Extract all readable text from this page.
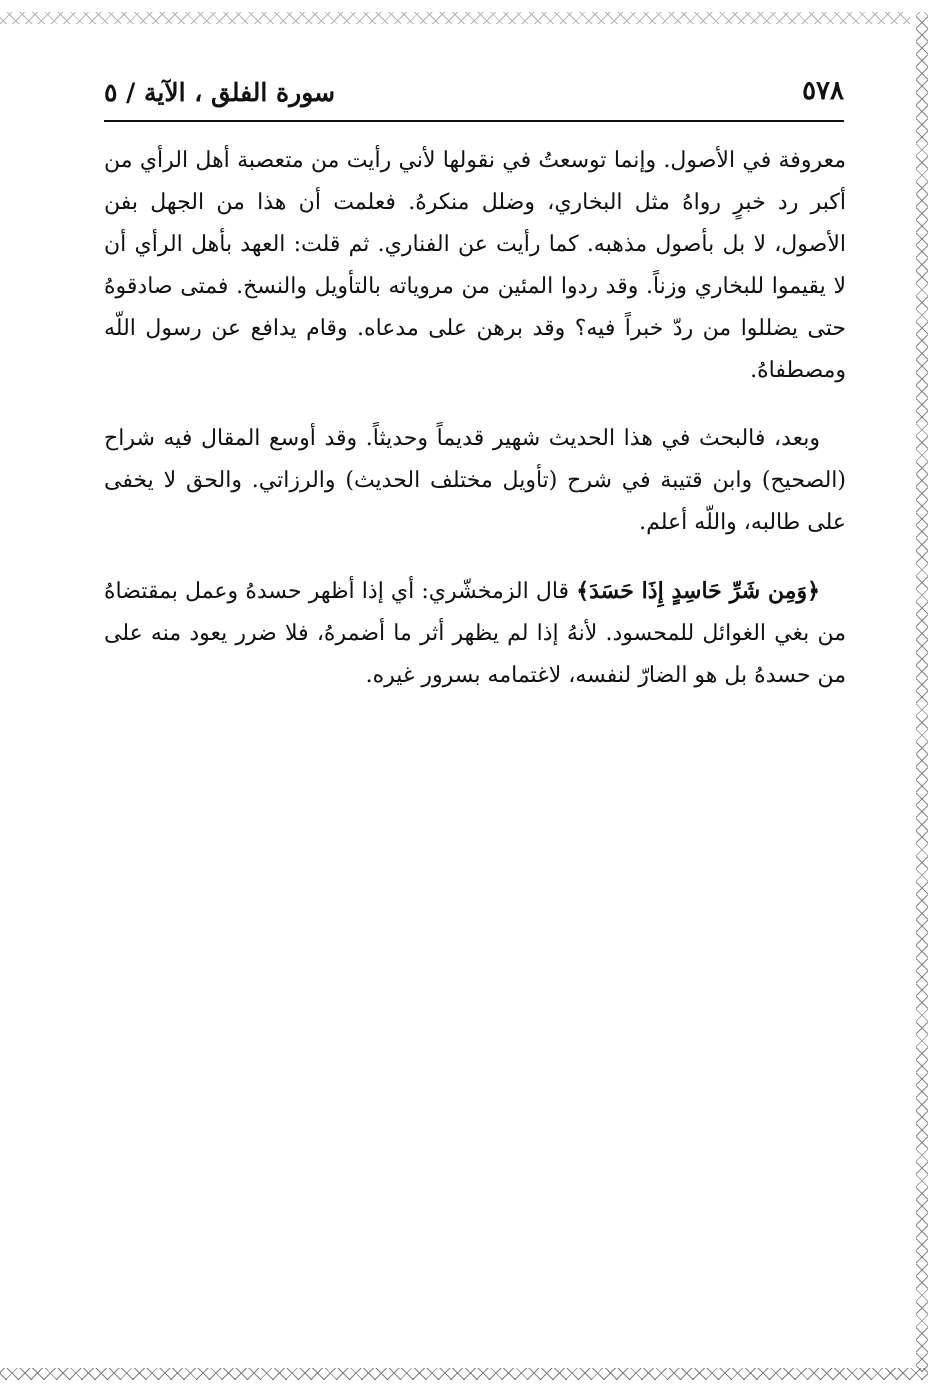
٥٧٨
سورة الفلق ، الآية / ٥

معروفة في الأصول. وإنما توسعتُ في نقولها لأني رأيت من متعصبة أهل الرأي من أكبر رد خبرٍ رواهُ مثل البخاري، وضلل منكرهُ. فعلمت أن هذا من الجهل بفن الأصول، لا بل بأصول مذهبه. كما رأيت عن الفناري. ثم قلت: العهد بأهل الرأي أن لا يقيموا للبخاري وزناً. وقد ردوا المئين من مروياته بالتأويل والنسخ. فمتى صادقوهُ حتى يضللوا من ردّ خبراً فيه؟ وقد برهن على مدعاه. وقام يدافع عن رسول اللّه ومصطفاهُ.

وبعد، فالبحث في هذا الحديث شهير قديماً وحديثاً. وقد أوسع المقال فيه شراح (الصحيح) وابن قتيبة في شرح (تأويل مختلف الحديث) والرزاتي. والحق لا يخفى على طالبه، واللّه أعلم.

﴿وَمِن شَرِّ حَاسِدٍ إِذَا حَسَدَ﴾ قال الزمخشّري: أي إذا أظهر حسدهُ وعمل بمقتضاهُ من بغي الغوائل للمحسود. لأنهُ إذا لم يظهر أثر ما أضمرهُ، فلا ضرر يعود منه على من حسدهُ بل هو الضارّ لنفسه، لاغتمامه بسرور غيره.
